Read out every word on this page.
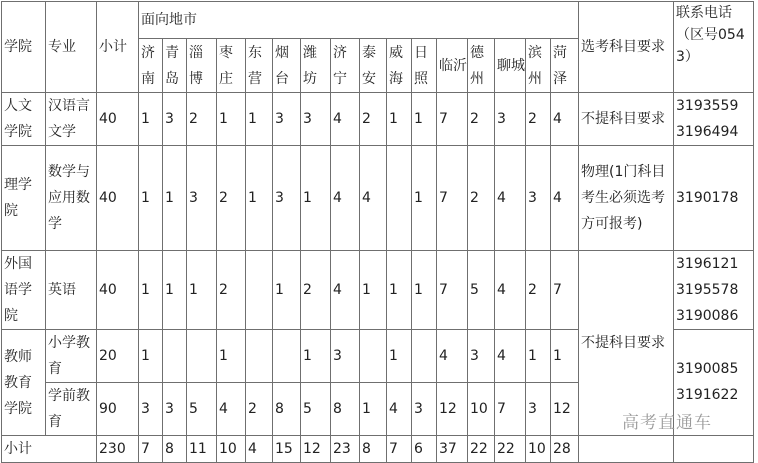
学院	专业	小计	面向地市																选考科目要求	联系电话（区号0543）
			济南	青岛	淄博	枣庄	东营	烟台	潍坊	济宁	泰安	威海	日照	临沂	德州	聊城	滨州	菏泽		
人文学院	汉语言文学	40	1	3	2	1	1	3	3	4	2	1	1	7	2	3	2	4	不提科目要求	3193559
3196494

理学院	数学与应用数学	40	1	1	3	2	1	3	1	4	4		1	7	2	4	3	4	物理(1门科目考生必须选考方可报考)	3190178

外国语学院	英语	40	1	1	1	2		1	2	4	1	1	1	7	5	4	2	7	不提科目要求	3196121
3195578
3190086

教师教育学院	小学教育	20	1			1			1	3		1		4	3	4	1	1		3190085
3191622

	学前教育	90	3	3	5	4	2	8	5	8	1	4	3	12	10	7	3	12		
小计		230	7	8	11	10	4	15	12	23	8	7	6	37	22	22	10	28		
高考直通车
